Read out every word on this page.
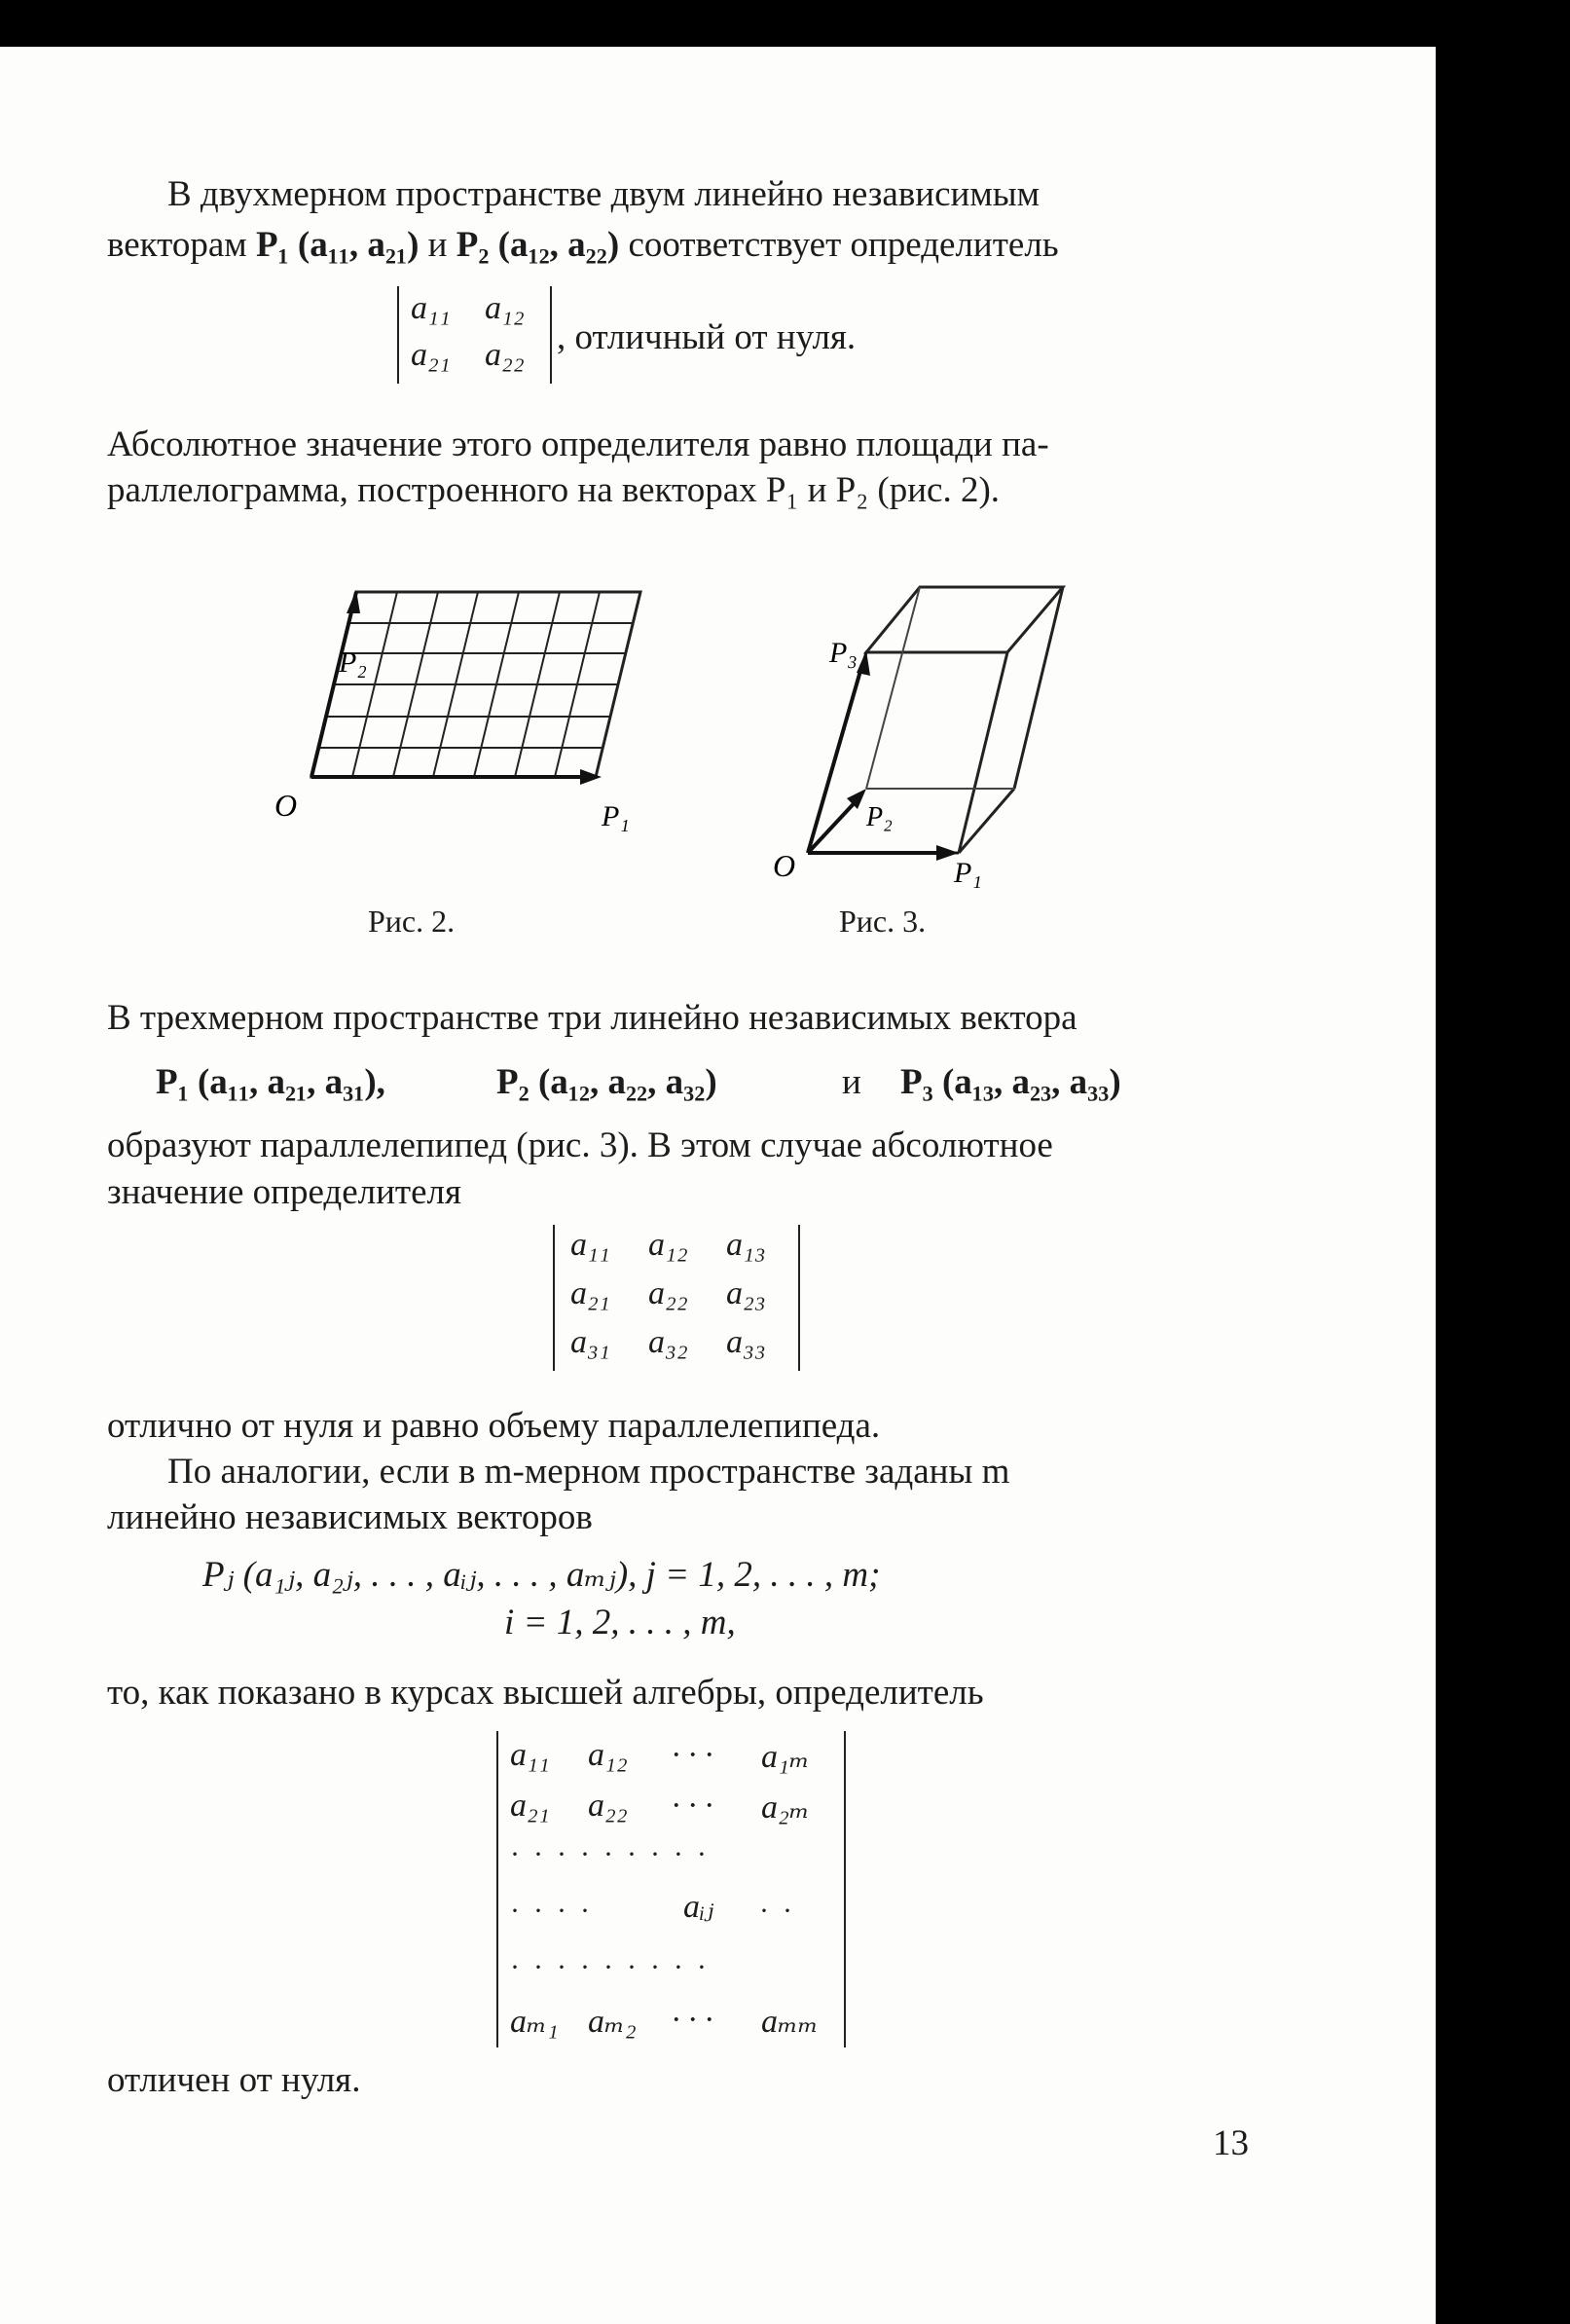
В двухмерном пространстве двум линейно независимым
векторам P₁ (a₁₁, a₂₁) и P₂ (a₁₂, a₂₂) соответствует определитель
a₁₁ a₁₂
a₂₁ a₂₂ , отличный от нуля.
Абсолютное значение этого определителя равно площади па-
раллелограмма, построенного на векторах P₁ и P₂ (рис. 2).
P₂
O	P₁
Рис. 2.
P₃
P₂
O	P₁
Рис. 3.
В трехмерном пространстве три линейно независимых вектора
P₁ (a₁₁, a₂₁, a₃₁),	P₂ (a₁₂, a₂₂, a₃₂)	и P₃ (a₁₃, a₂₃, a₃₃)
образуют параллелепипед (рис. 3). В этом случае абсолютное
значение определителя
a₁₁ a₁₂ a₁₃
a₂₁ a₂₂ a₂₃
a₃₁ a₃₂ a₃₃
отлично от нуля и равно объему параллелепипеда.
По аналогии, если в m-мерном пространстве заданы m
линейно независимых векторов
Pⱼ (a₁ⱼ, a₂ⱼ, . . . , aᵢⱼ, . . . , aₘⱼ), j = 1, 2, . . . , m;
i = 1, 2, . . . , m,
то, как показано в курсах высшей алгебры, определитель
a₁₁ a₁₂ · · · a₁ₘ
a₂₁ a₂₂ · · · a₂ₘ
·········
···· aᵢⱼ ··
·········
aₘ₁ aₘ₂ · · · aₘₘ
отличен от нуля.
13
